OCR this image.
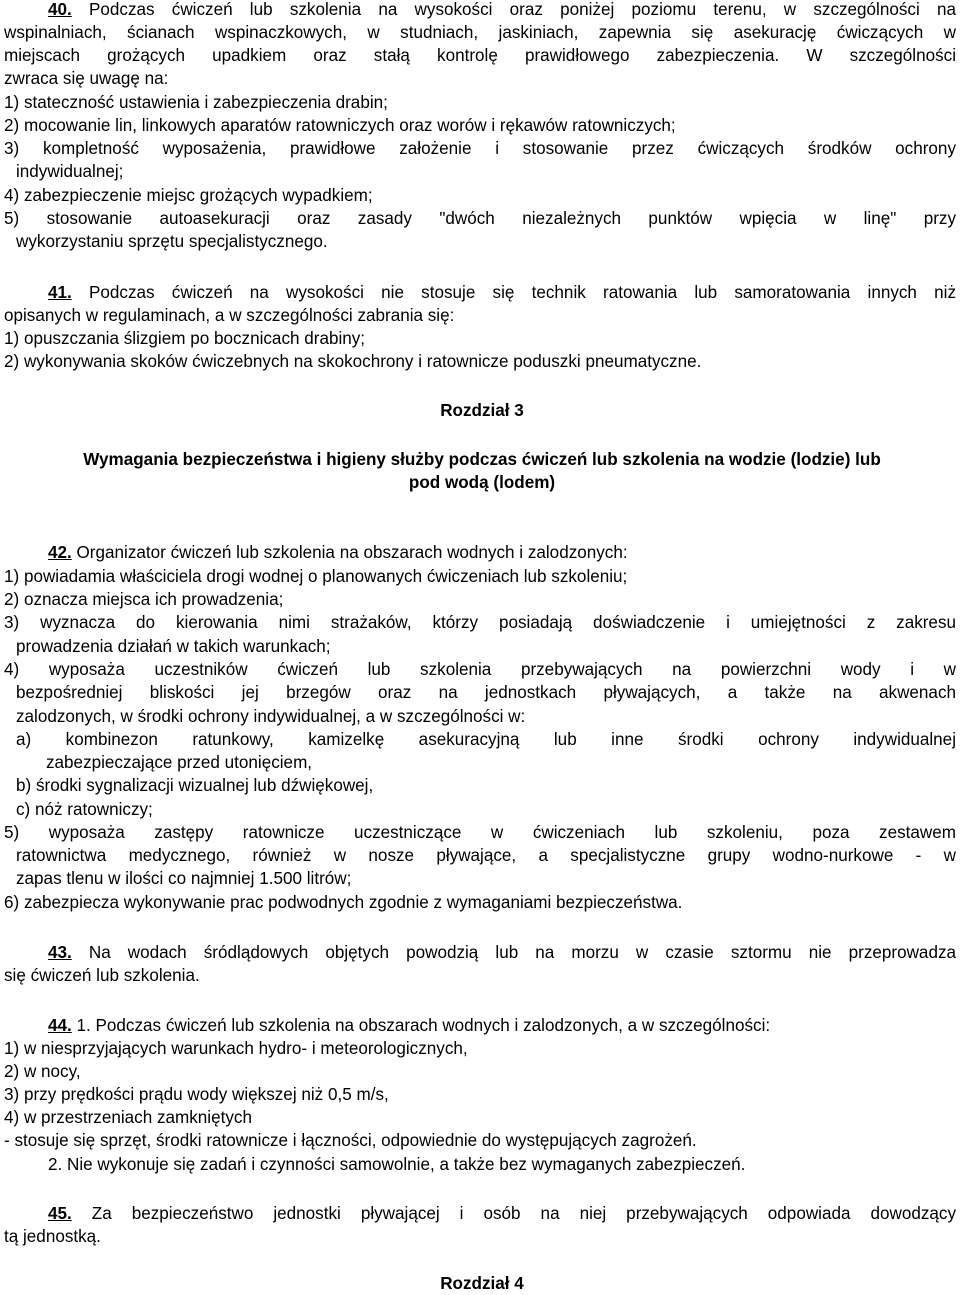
40. Podczas ćwiczeń lub szkolenia na wysokości oraz poniżej poziomu terenu, w szczególności na
wspinalniach, ścianach wspinaczkowych, w studniach, jaskiniach, zapewnia się asekurację ćwiczących w
miejscach grożących upadkiem oraz stałą kontrolę prawidłowego zabezpieczenia. W szczególności
zwraca się uwagę na:
1) stateczność ustawienia i zabezpieczenia drabin;
2) mocowanie lin, linkowych aparatów ratowniczych oraz worów i rękawów ratowniczych;
3) kompletność wyposażenia, prawidłowe założenie i stosowanie przez ćwiczących środków ochrony
indywidualnej;
4) zabezpieczenie miejsc grożących wypadkiem;
5) stosowanie autoasekuracji oraz zasady "dwóch niezależnych punktów wpięcia w linę" przy
wykorzystaniu sprzętu specjalistycznego.
41. Podczas ćwiczeń na wysokości nie stosuje się technik ratowania lub samoratowania innych niż
opisanych w regulaminach, a w szczególności zabrania się:
1) opuszczania ślizgiem po bocznicach drabiny;
2) wykonywania skoków ćwiczebnych na skokochrony i ratownicze poduszki pneumatyczne.
Rozdział 3
Wymagania bezpieczeństwa i higieny służby podczas ćwiczeń lub szkolenia na wodzie (lodzie) lub
pod wodą (lodem)
42. Organizator ćwiczeń lub szkolenia na obszarach wodnych i zalodzonych:
1) powiadamia właściciela drogi wodnej o planowanych ćwiczeniach lub szkoleniu;
2) oznacza miejsca ich prowadzenia;
3) wyznacza do kierowania nimi strażaków, którzy posiadają doświadczenie i umiejętności z zakresu
prowadzenia działań w takich warunkach;
4) wyposaża uczestników ćwiczeń lub szkolenia przebywających na powierzchni wody i w
bezpośredniej bliskości jej brzegów oraz na jednostkach pływających, a także na akwenach
zalodzonych, w środki ochrony indywidualnej, a w szczególności w:
a) kombinezon ratunkowy, kamizelkę asekuracyjną lub inne środki ochrony indywidualnej
zabezpieczające przed utonięciem,
b) środki sygnalizacji wizualnej lub dźwiękowej,
c) nóż ratowniczy;
5) wyposaża zastępy ratownicze uczestniczące w ćwiczeniach lub szkoleniu, poza zestawem
ratownictwa medycznego, również w nosze pływające, a specjalistyczne grupy wodno-nurkowe - w
zapas tlenu w ilości co najmniej 1.500 litrów;
6) zabezpiecza wykonywanie prac podwodnych zgodnie z wymaganiami bezpieczeństwa.
43. Na wodach śródlądowych objętych powodzią lub na morzu w czasie sztormu nie przeprowadza
się ćwiczeń lub szkolenia.
44. 1. Podczas ćwiczeń lub szkolenia na obszarach wodnych i zalodzonych, a w szczególności:
1) w niesprzyjających warunkach hydro- i meteorologicznych,
2) w nocy,
3) przy prędkości prądu wody większej niż 0,5 m/s,
4) w przestrzeniach zamkniętych
- stosuje się sprzęt, środki ratownicze i łączności, odpowiednie do występujących zagrożeń.
2. Nie wykonuje się zadań i czynności samowolnie, a także bez wymaganych zabezpieczeń.
45. Za bezpieczeństwo jednostki pływającej i osób na niej przebywających odpowiada dowodzący
tą jednostką.
Rozdział 4
